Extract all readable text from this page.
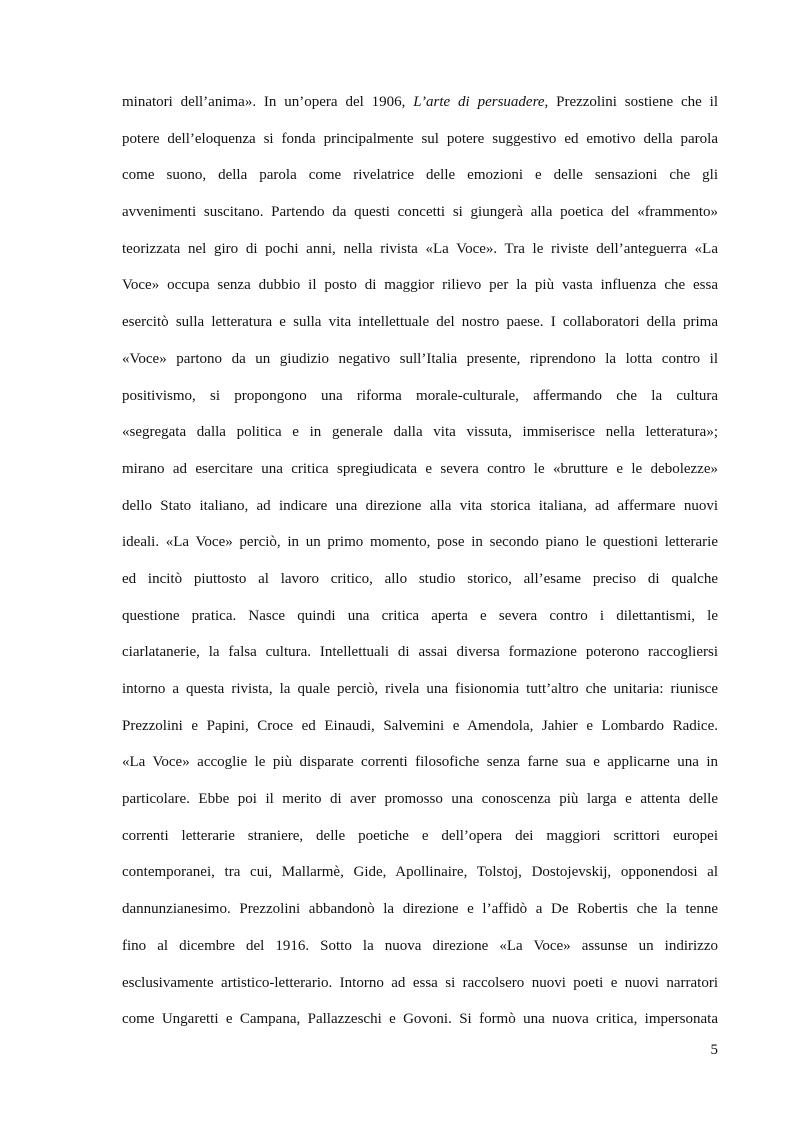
minatori dell’anima». In un’opera del 1906, L’arte di persuadere, Prezzolini sostiene che il
potere dell’eloquenza si fonda principalmente sul potere suggestivo ed emotivo della parola
come suono, della parola come rivelatrice delle emozioni e delle sensazioni che gli
avvenimenti suscitano. Partendo da questi concetti si giungerà alla poetica del «frammento»
teorizzata nel giro di pochi anni, nella rivista «La Voce». Tra le riviste dell’anteguerra «La
Voce» occupa senza dubbio il posto di maggior rilievo per la più vasta influenza che essa
esercitò sulla letteratura e sulla vita intellettuale del nostro paese. I collaboratori della prima
«Voce» partono da un giudizio negativo sull’Italia presente, riprendono la lotta contro il
positivismo, si propongono una riforma morale-culturale, affermando che la cultura
«segregata dalla politica e in generale dalla vita vissuta, immiserisce nella letteratura»;
mirano ad esercitare una critica spregiudicata e severa contro le «brutture e le debolezze»
dello Stato italiano, ad indicare una direzione alla vita storica italiana, ad affermare nuovi
ideali. «La Voce» perciò, in un primo momento, pose in secondo piano le questioni letterarie
ed incitò piuttosto al lavoro critico, allo studio storico, all’esame preciso di qualche
questione pratica. Nasce quindi una critica aperta e severa contro i dilettantismi, le
ciarlatanerie, la falsa cultura. Intellettuali di assai diversa formazione poterono raccogliersi
intorno a questa rivista, la quale perciò, rivela una fisionomia tutt’altro che unitaria: riunisce
Prezzolini e Papini, Croce ed Einaudi, Salvemini e Amendola, Jahier e Lombardo Radice.
«La Voce» accoglie le più disparate correnti filosofiche senza farne sua e applicarne una in
particolare. Ebbe poi il merito di aver promosso una conoscenza più larga e attenta delle
correnti letterarie straniere, delle poetiche e dell’opera dei maggiori scrittori europei
contemporanei, tra cui, Mallarmè, Gide, Apollinaire, Tolstoj, Dostojevskij, opponendosi al
dannunzianesimo. Prezzolini abbandonò la direzione e l’affidò a De Robertis che la tenne
fino al dicembre del 1916. Sotto la nuova direzione «La Voce» assunse un indirizzo
esclusivamente artistico-letterario. Intorno ad essa si raccolsero nuovi poeti e nuovi narratori
come Ungaretti e Campana, Pallazzeschi e Govoni. Si formò una nuova critica, impersonata
5
